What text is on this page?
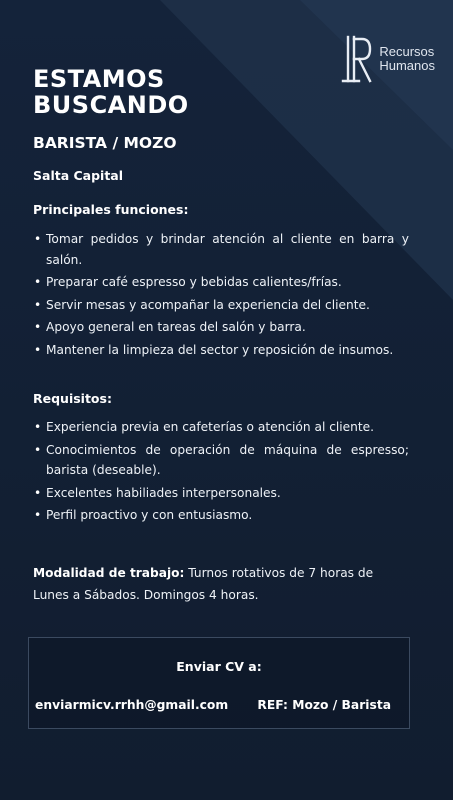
Recursos
Humanos
ESTAMOS
BUSCANDO
BARISTA / MOZO

Salta Capital

Principales funciones:
• Tomar pedidos y brindar atención al cliente en barra y salón.
• Preparar café espresso y bebidas calientes/frías.
• Servir mesas y acompañar la experiencia del cliente.
• Apoyo general en tareas del salón y barra.
• Mantener la limpieza del sector y reposición de insumos.
Requisitos:
• Experiencia previa en cafeterías o atención al cliente.
• Conocimientos de operación de máquina de espresso; barista (deseable).
• Excelentes habiliades interpersonales.
• Perfil proactivo y con entusiasmo.

Modalidad de trabajo: Turnos rotativos de 7 horas de Lunes a Sábados. Domingos 4 horas.

Enviar CV a:

enviarmicv.rrhh@gmail.com REF: Mozo / Barista
